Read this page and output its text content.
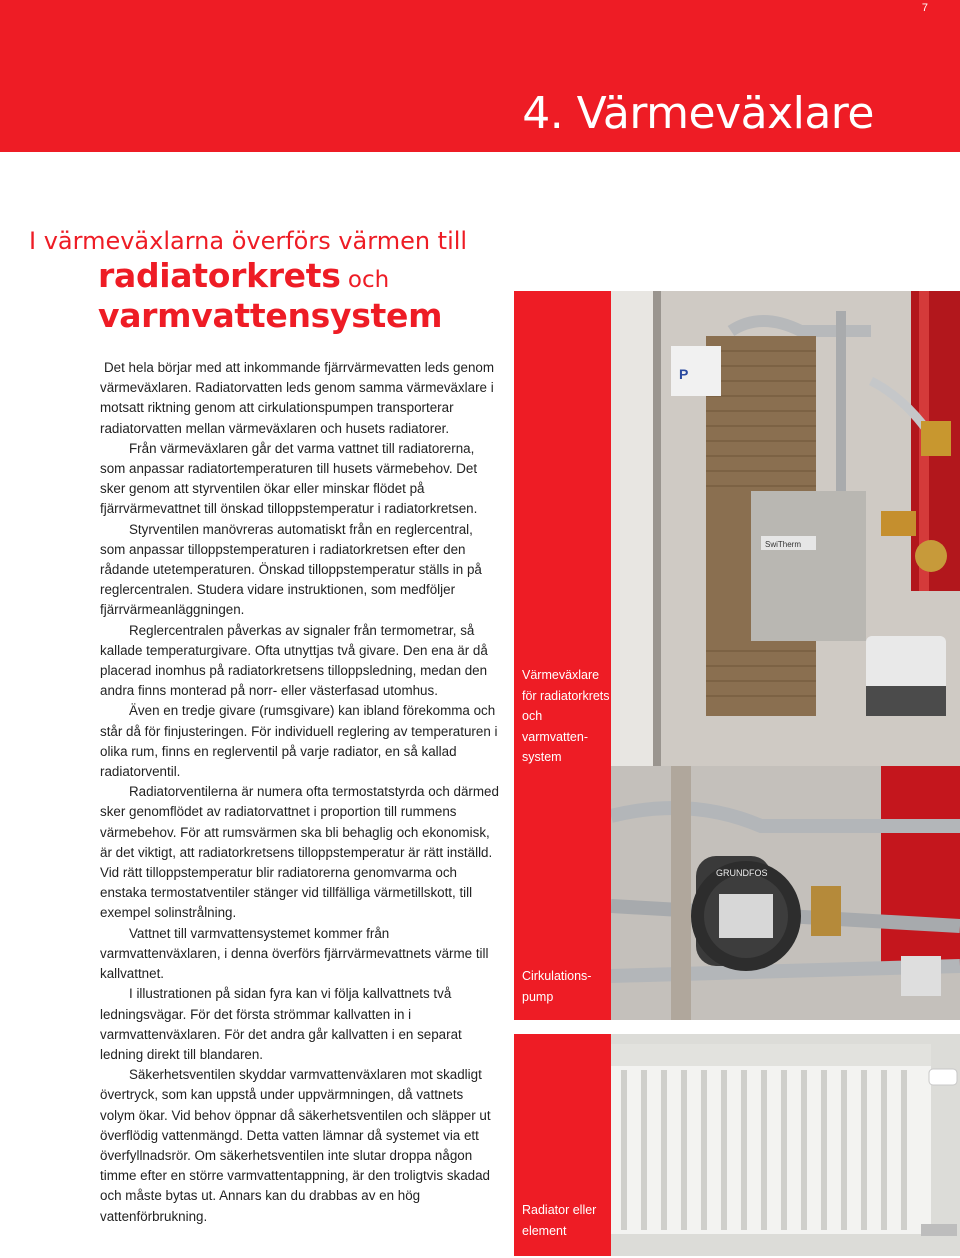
7
4. Värmeväxlare
I värmeväxlarna överförs värmen till
radiatorkrets och
varmvattensystem

Det hela börjar med att inkommande fjärrvärmevatten leds genom värmeväxlaren. Radiatorvatten leds genom samma värmeväxlare i motsatt riktning genom att cirkulationspumpen transporterar radiatorvatten mellan värmeväxlaren och husets radiatorer.

Från värmeväxlaren går det varma vattnet till radiatorerna, som anpassar radiatortemperaturen till husets värmebehov. Det sker genom att styrventilen ökar eller minskar flödet på fjärrvärmevattnet till önskad tilloppstemperatur i radiatorkretsen.

Styrventilen manövreras automatiskt från en reglercentral, som anpassar tilloppstemperaturen i radiatorkretsen efter den rådande utetemperaturen. Önskad tilloppstemperatur ställs in på reglercentralen. Studera vidare instruktionen, som medföljer fjärrvärmeanläggningen.

Reglercentralen påverkas av signaler från termometrar, så kallade temperaturgivare. Ofta utnyttjas två givare. Den ena är då placerad inomhus på radiatorkretsens tilloppsledning, medan den andra finns monterad på norr- eller västerfasad utomhus.

Även en tredje givare (rumsgivare) kan ibland förekomma och står då för finjusteringen. För individuell reglering av temperaturen i olika rum, finns en reglerventil på varje radiator, en så kallad radiatorventil.

Radiatorventilerna är numera ofta termostatstyrda och därmed sker genomflödet av radiatorvattnet i proportion till rummens värmebehov. För att rumsvärmen ska bli behaglig och ekonomisk, är det viktigt, att radiatorkretsens tilloppstemperatur är rätt inställd. Vid rätt tilloppstemperatur blir radiatorerna genomvarma och enstaka termostatventiler stänger vid tillfälliga värmetillskott, till exempel solinstrålning.

Vattnet till varmvattensystemet kommer från varmvattenväxlaren, i denna överförs fjärrvärmevattnets värme till kallvattnet.

I illustrationen på sidan fyra kan vi följa kallvattnets två ledningsvägar. För det första strömmar kallvatten in i varmvattenväxlaren. För det andra går kallvatten i en separat ledning direkt till blandaren.

Säkerhetsventilen skyddar varmvattenväxlaren mot skadligt övertryck, som kan uppstå under uppvärmningen, då vattnets volym ökar. Vid behov öppnar då säkerhetsventilen och släpper ut överflödig vattenmängd. Detta vatten lämnar då systemet via ett överfyllnadsrör. Om säkerhetsventilen inte slutar droppa någon timme efter en större varmvattentappning, är den troligtvis skadad och måste bytas ut. Annars kan du drabbas av en hög vattenförbrukning.

Värmeväxlare för radiatorkrets och varmvatten-system
Cirkulations-pump
Radiator eller element
P
SwiTherm
GRUNDFOS
